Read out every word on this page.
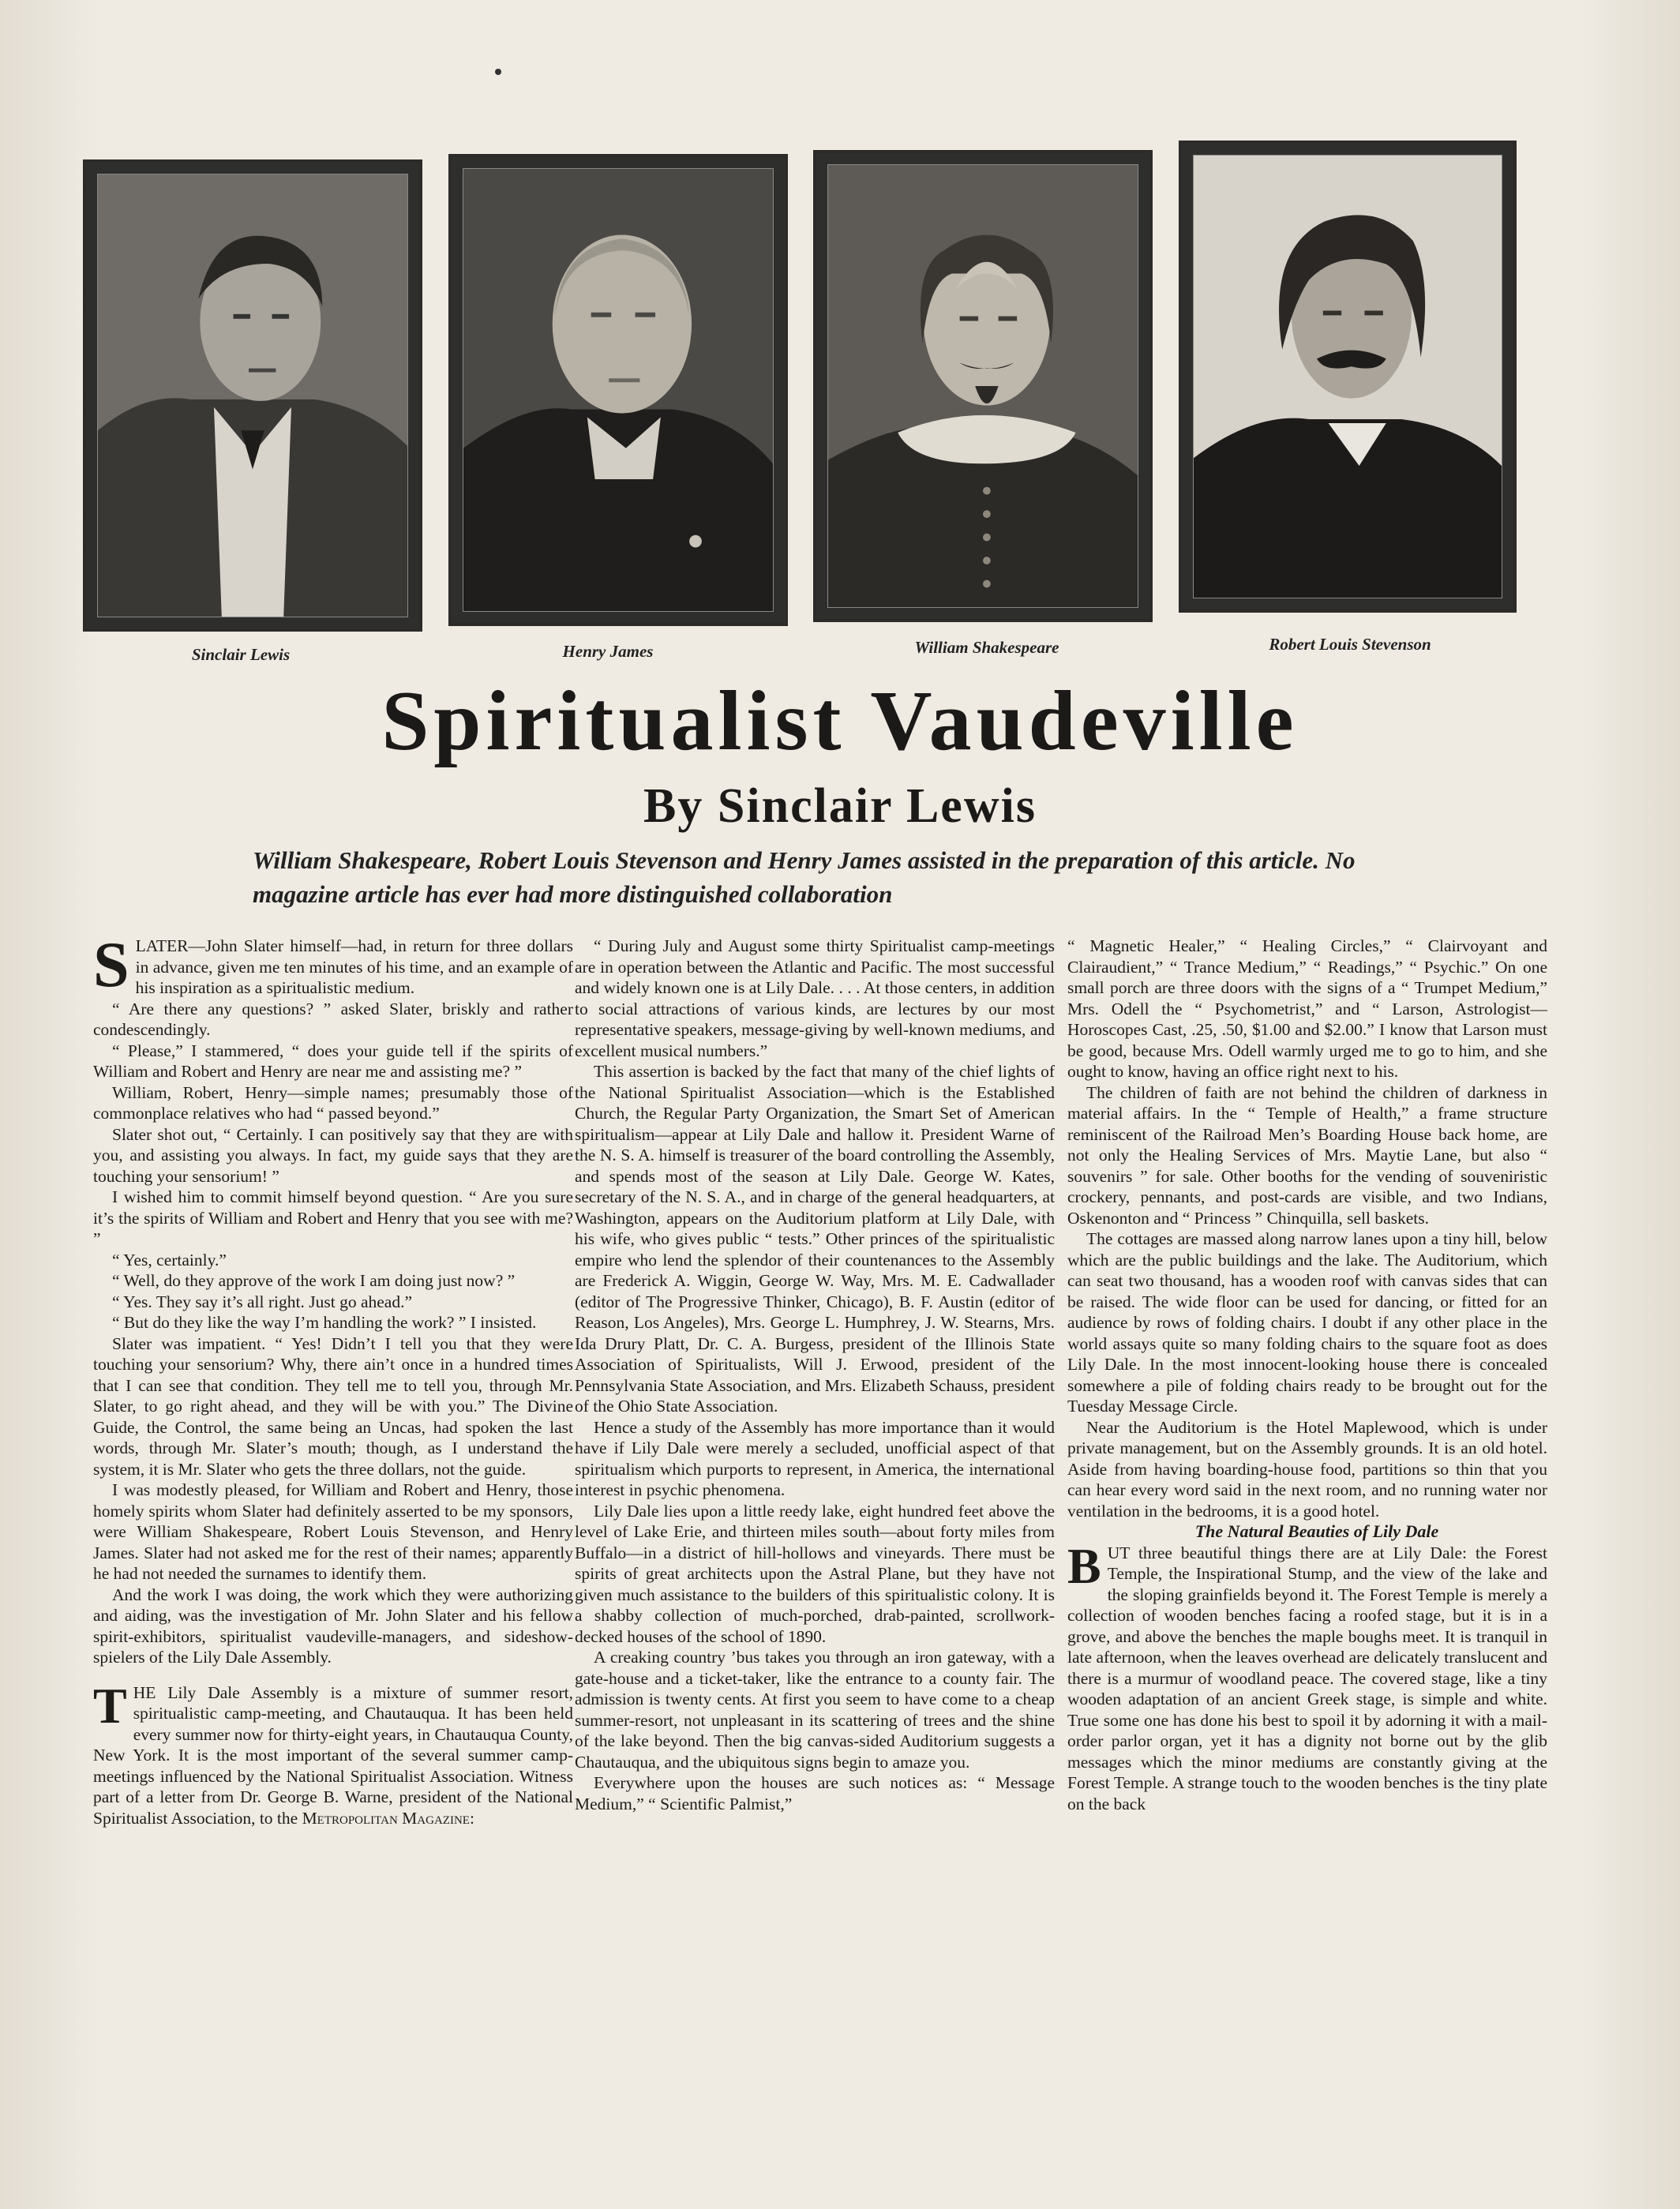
Sinclair Lewis	Henry James	William Shakespeare	Robert Louis Stevenson
Spiritualist Vaudeville
By Sinclair Lewis

William Shakespeare, Robert Louis Stevenson and Henry James assisted in the preparation of this article. No magazine article has ever had more distinguished collaboration

SLATER—John Slater himself—had, in return for three dollars in advance, given me ten minutes of his time, and an example of his inspiration as a spiritualistic medium.

“ Are there any questions? ” asked Slater, briskly and rather condescendingly.

“ Please,” I stammered, “ does your guide tell if the spirits of William and Robert and Henry are near me and assisting me? ”

William, Robert, Henry—simple names; presumably those of commonplace relatives who had “ passed beyond.”

Slater shot out, “ Certainly. I can positively say that they are with you, and assisting you always. In fact, my guide says that they are touching your sensorium! ”

I wished him to commit himself beyond question. “ Are you sure it’s the spirits of William and Robert and Henry that you see with me? ”

“ Yes, certainly.”

“ Well, do they approve of the work I am doing just now? ”

“ Yes. They say it’s all right. Just go ahead.”

“ But do they like the way I’m handling the work? ” I insisted.

Slater was impatient. “ Yes! Didn’t I tell you that they were touching your sensorium? Why, there ain’t once in a hundred times that I can see that condition. They tell me to tell you, through Mr. Slater, to go right ahead, and they will be with you.” The Divine Guide, the Control, the same being an Uncas, had spoken the last words, through Mr. Slater’s mouth; though, as I understand the system, it is Mr. Slater who gets the three dollars, not the guide.

I was modestly pleased, for William and Robert and Henry, those homely spirits whom Slater had definitely asserted to be my sponsors, were William Shakespeare, Robert Louis Stevenson, and Henry James. Slater had not asked me for the rest of their names; apparently he had not needed the surnames to identify them.

And the work I was doing, the work which they were authorizing and aiding, was the investigation of Mr. John Slater and his fellow spirit-exhibitors, spiritualist vaudeville-managers, and sideshow-spielers of the Lily Dale Assembly.

THE Lily Dale Assembly is a mixture of summer resort, spiritualistic camp-meeting, and Chautauqua. It has been held every summer now for thirty-eight years, in Chautauqua County, New York. It is the most important of the several summer camp-meetings influenced by the National Spiritualist Association. Witness part of a letter from Dr. George B. Warne, president of the National Spiritualist Association, to the Metropolitan Magazine:

“ During July and August some thirty Spiritualist camp-meetings are in operation between the Atlantic and Pacific. The most successful and widely known one is at Lily Dale. . . . At those centers, in addition to social attractions of various kinds, are lectures by our most representative speakers, message-giving by well-known mediums, and excellent musical numbers.”

This assertion is backed by the fact that many of the chief lights of the National Spiritualist Association—which is the Established Church, the Regular Party Organization, the Smart Set of American spiritualism—appear at Lily Dale and hallow it. President Warne of the N. S. A. himself is treasurer of the board controlling the Assembly, and spends most of the season at Lily Dale. George W. Kates, secretary of the N. S. A., and in charge of the general headquarters, at Washington, appears on the Auditorium platform at Lily Dale, with his wife, who gives public “ tests.” Other princes of the spiritualistic empire who lend the splendor of their countenances to the Assembly are Frederick A. Wiggin, George W. Way, Mrs. M. E. Cadwallader (editor of The Progressive Thinker, Chicago), B. F. Austin (editor of Reason, Los Angeles), Mrs. George L. Humphrey, J. W. Stearns, Mrs. Ida Drury Platt, Dr. C. A. Burgess, president of the Illinois State Association of Spiritualists, Will J. Erwood, president of the Pennsylvania State Association, and Mrs. Elizabeth Schauss, president of the Ohio State Association.

Hence a study of the Assembly has more importance than it would have if Lily Dale were merely a secluded, unofficial aspect of that spiritualism which purports to represent, in America, the international interest in psychic phenomena.

Lily Dale lies upon a little reedy lake, eight hundred feet above the level of Lake Erie, and thirteen miles south—about forty miles from Buffalo—in a district of hill-hollows and vineyards. There must be spirits of great architects upon the Astral Plane, but they have not given much assistance to the builders of this spiritualistic colony. It is a shabby collection of much-porched, drab-painted, scrollwork-decked houses of the school of 1890.

A creaking country ’bus takes you through an iron gateway, with a gate-house and a ticket-taker, like the entrance to a county fair. The admission is twenty cents. At first you seem to have come to a cheap summer-resort, not unpleasant in its scattering of trees and the shine of the lake beyond. Then the big canvas-sided Auditorium suggests a Chautauqua, and the ubiquitous signs begin to amaze you.

Everywhere upon the houses are such notices as: “ Message Medium,” “ Scientific Palmist,”

“ Magnetic Healer,” “ Healing Circles,” “ Clairvoyant and Clairaudient,” “ Trance Medium,” “ Readings,” “ Psychic.” On one small porch are three doors with the signs of a “ Trumpet Medium,” Mrs. Odell the “ Psychometrist,” and “ Larson, Astrologist—Horoscopes Cast, .25, .50, $1.00 and $2.00.” I know that Larson must be good, because Mrs. Odell warmly urged me to go to him, and she ought to know, having an office right next to his.

The children of faith are not behind the children of darkness in material affairs. In the “ Temple of Health,” a frame structure reminiscent of the Railroad Men’s Boarding House back home, are not only the Healing Services of Mrs. Maytie Lane, but also “ souvenirs ” for sale. Other booths for the vending of souveniristic crockery, pennants, and post-cards are visible, and two Indians, Oskenonton and “ Princess ” Chinquilla, sell baskets.

The cottages are massed along narrow lanes upon a tiny hill, below which are the public buildings and the lake. The Auditorium, which can seat two thousand, has a wooden roof with canvas sides that can be raised. The wide floor can be used for dancing, or fitted for an audience by rows of folding chairs. I doubt if any other place in the world assays quite so many folding chairs to the square foot as does Lily Dale. In the most innocent-looking house there is concealed somewhere a pile of folding chairs ready to be brought out for the Tuesday Message Circle.

Near the Auditorium is the Hotel Maplewood, which is under private management, but on the Assembly grounds. It is an old hotel. Aside from having boarding-house food, partitions so thin that you can hear every word said in the next room, and no running water nor ventilation in the bedrooms, it is a good hotel.

The Natural Beauties of Lily Dale

BUT three beautiful things there are at Lily Dale: the Forest Temple, the Inspirational Stump, and the view of the lake and the sloping grainfields beyond it. The Forest Temple is merely a collection of wooden benches facing a roofed stage, but it is in a grove, and above the benches the maple boughs meet. It is tranquil in late afternoon, when the leaves overhead are delicately translucent and there is a murmur of woodland peace. The covered stage, like a tiny wooden adaptation of an ancient Greek stage, is simple and white. True some one has done his best to spoil it by adorning it with a mail-order parlor organ, yet it has a dignity not borne out by the glib messages which the minor mediums are constantly giving at the Forest Temple. A strange touch to the wooden benches is the tiny plate on the back
